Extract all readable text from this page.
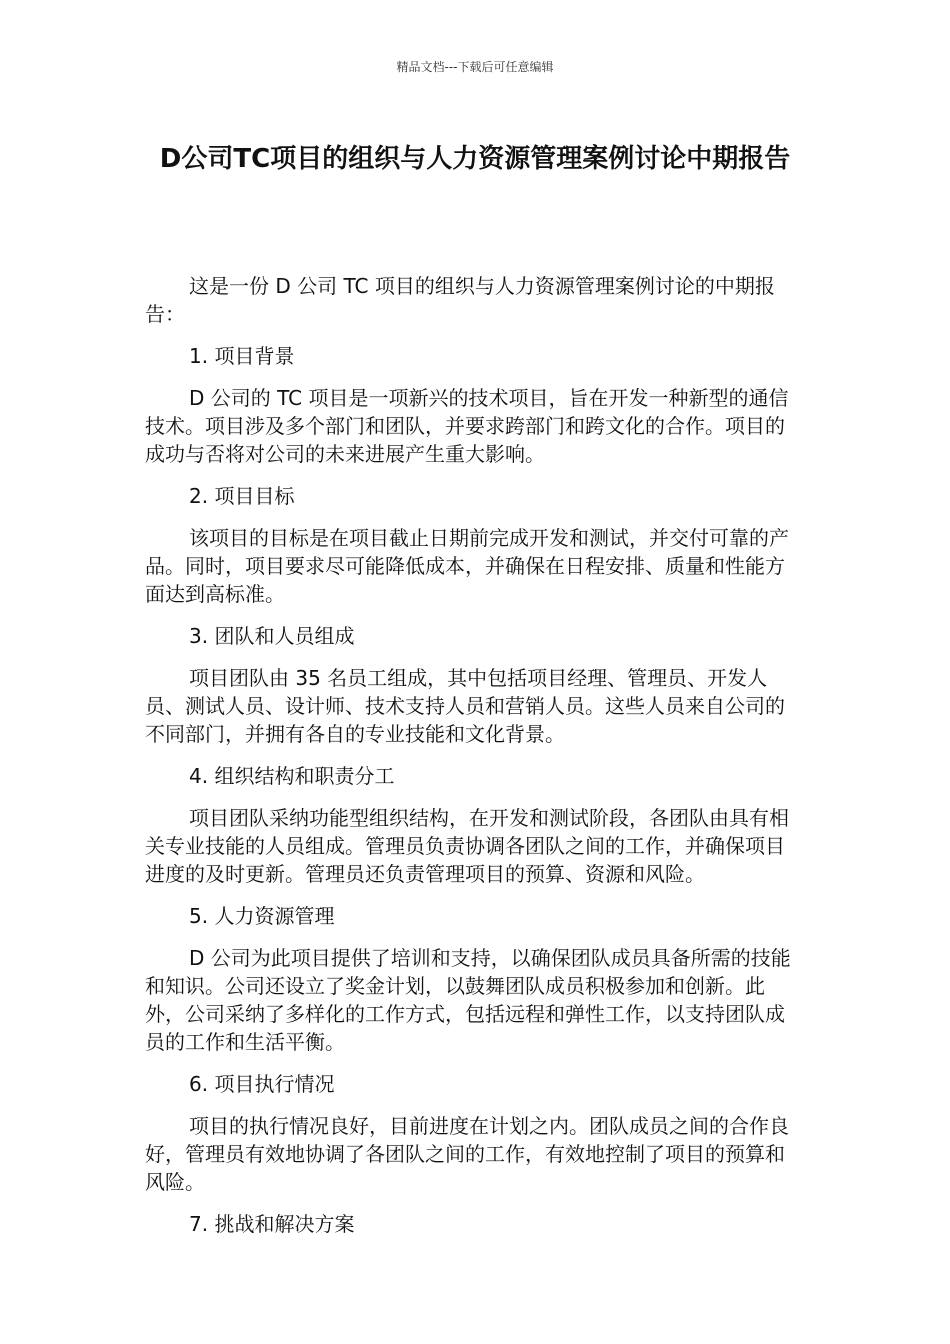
精品文档---下载后可任意编辑
D公司TC项目的组织与人力资源管理案例讨论中期报告

这是一份 D 公司 TC 项目的组织与人力资源管理案例讨论的中期报告：

1. 项目背景

D 公司的 TC 项目是一项新兴的技术项目，旨在开发一种新型的通信技术。项目涉及多个部门和团队，并要求跨部门和跨文化的合作。项目的成功与否将对公司的未来进展产生重大影响。

2. 项目目标

该项目的目标是在项目截止日期前完成开发和测试，并交付可靠的产品。同时，项目要求尽可能降低成本，并确保在日程安排、质量和性能方面达到高标准。

3. 团队和人员组成

项目团队由 35 名员工组成，其中包括项目经理、管理员、开发人员、测试人员、设计师、技术支持人员和营销人员。这些人员来自公司的不同部门，并拥有各自的专业技能和文化背景。

4. 组织结构和职责分工

项目团队采纳功能型组织结构，在开发和测试阶段，各团队由具有相关专业技能的人员组成。管理员负责协调各团队之间的工作，并确保项目进度的及时更新。管理员还负责管理项目的预算、资源和风险。

5. 人力资源管理

D 公司为此项目提供了培训和支持，以确保团队成员具备所需的技能和知识。公司还设立了奖金计划，以鼓舞团队成员积极参加和创新。此外，公司采纳了多样化的工作方式，包括远程和弹性工作，以支持团队成员的工作和生活平衡。

6. 项目执行情况

项目的执行情况良好，目前进度在计划之内。团队成员之间的合作良好，管理员有效地协调了各团队之间的工作，有效地控制了项目的预算和风险。

7. 挑战和解决方案
